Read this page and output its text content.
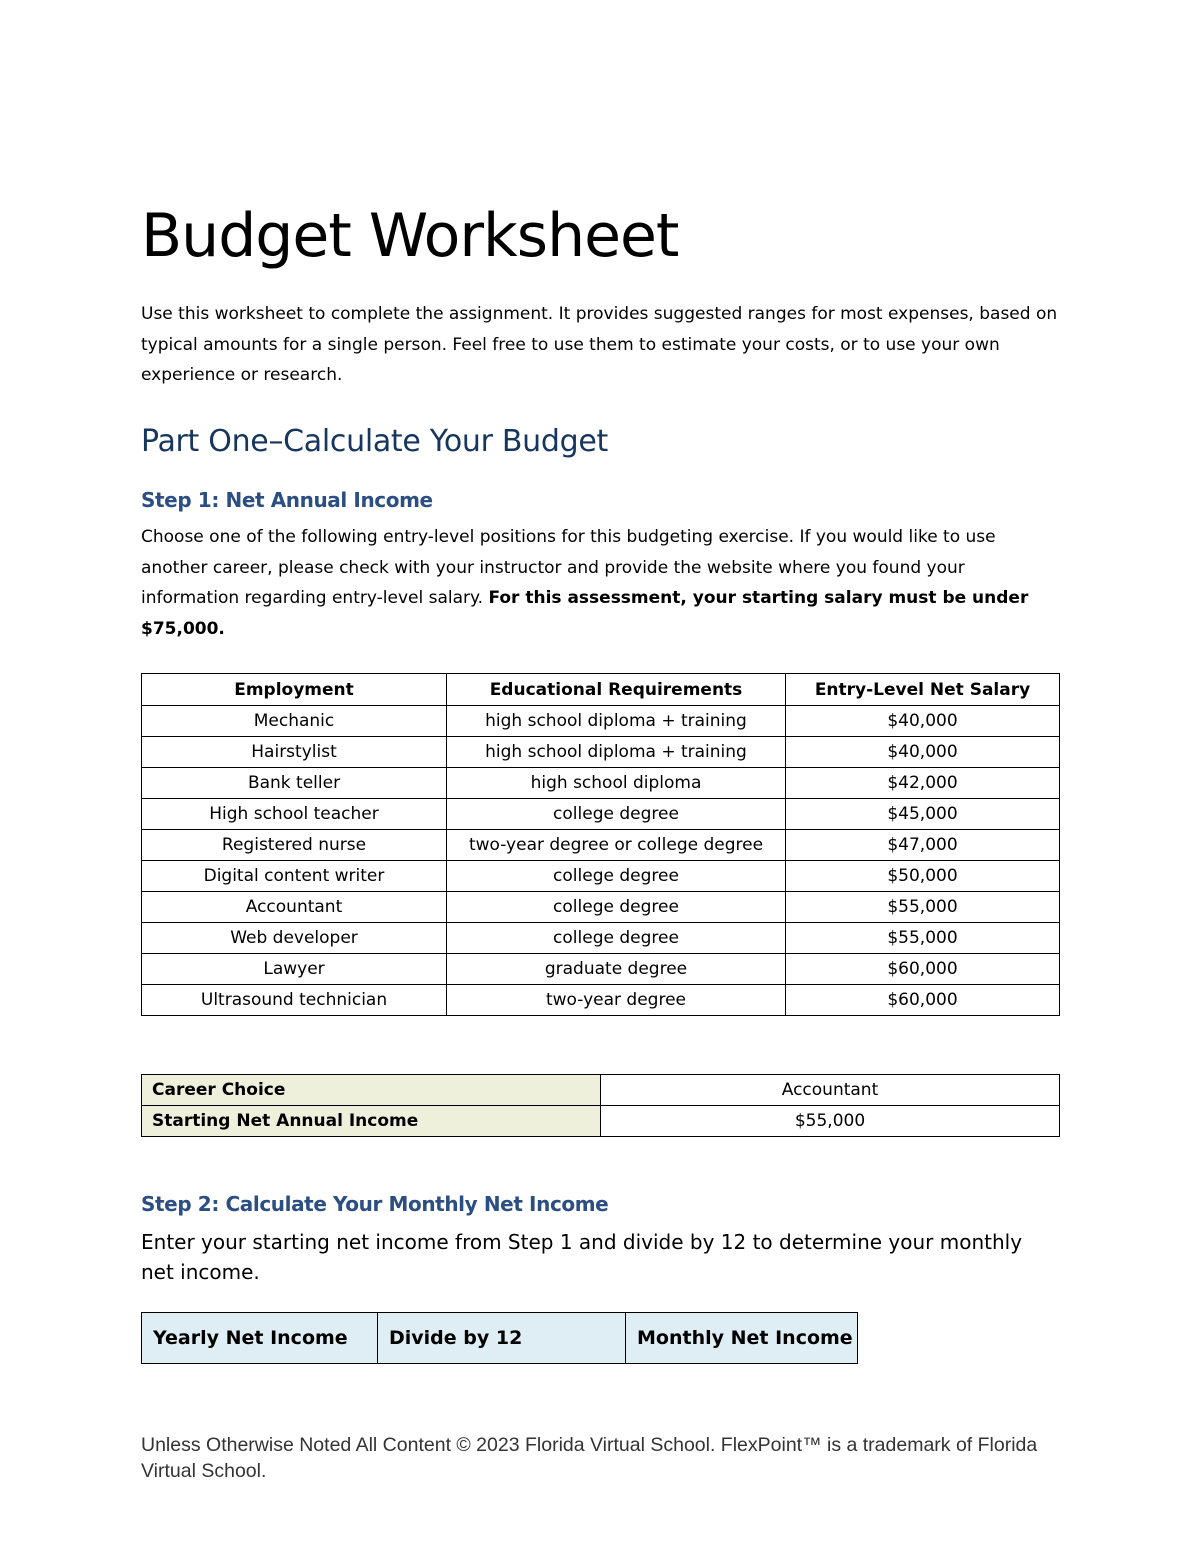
Budget Worksheet

Use this worksheet to complete the assignment. It provides suggested ranges for most expenses, based on typical amounts for a single person. Feel free to use them to estimate your costs, or to use your own experience or research.

Part One–Calculate Your Budget
Step 1: Net Annual Income

Choose one of the following entry-level positions for this budgeting exercise. If you would like to use another career, please check with your instructor and provide the website where you found your information regarding entry-level salary. For this assessment, your starting salary must be under $75,000.

Employment	Educational Requirements	Entry-Level Net Salary
Mechanic	high school diploma + training	$40,000
Hairstylist	high school diploma + training	$40,000
Bank teller	high school diploma	$42,000
High school teacher	college degree	$45,000
Registered nurse	two-year degree or college degree	$47,000
Digital content writer	college degree	$50,000
Accountant	college degree	$55,000
Web developer	college degree	$55,000
Lawyer	graduate degree	$60,000
Ultrasound technician	two-year degree	$60,000
Career Choice	Accountant
Starting Net Annual Income	$55,000
Step 2: Calculate Your Monthly Net Income

Enter your starting net income from Step 1 and divide by 12 to determine your monthly net income.

Yearly Net Income	Divide by 12	Monthly Net Income

Unless Otherwise Noted All Content © 2023 Florida Virtual School. FlexPoint™ is a trademark of Florida Virtual School.
